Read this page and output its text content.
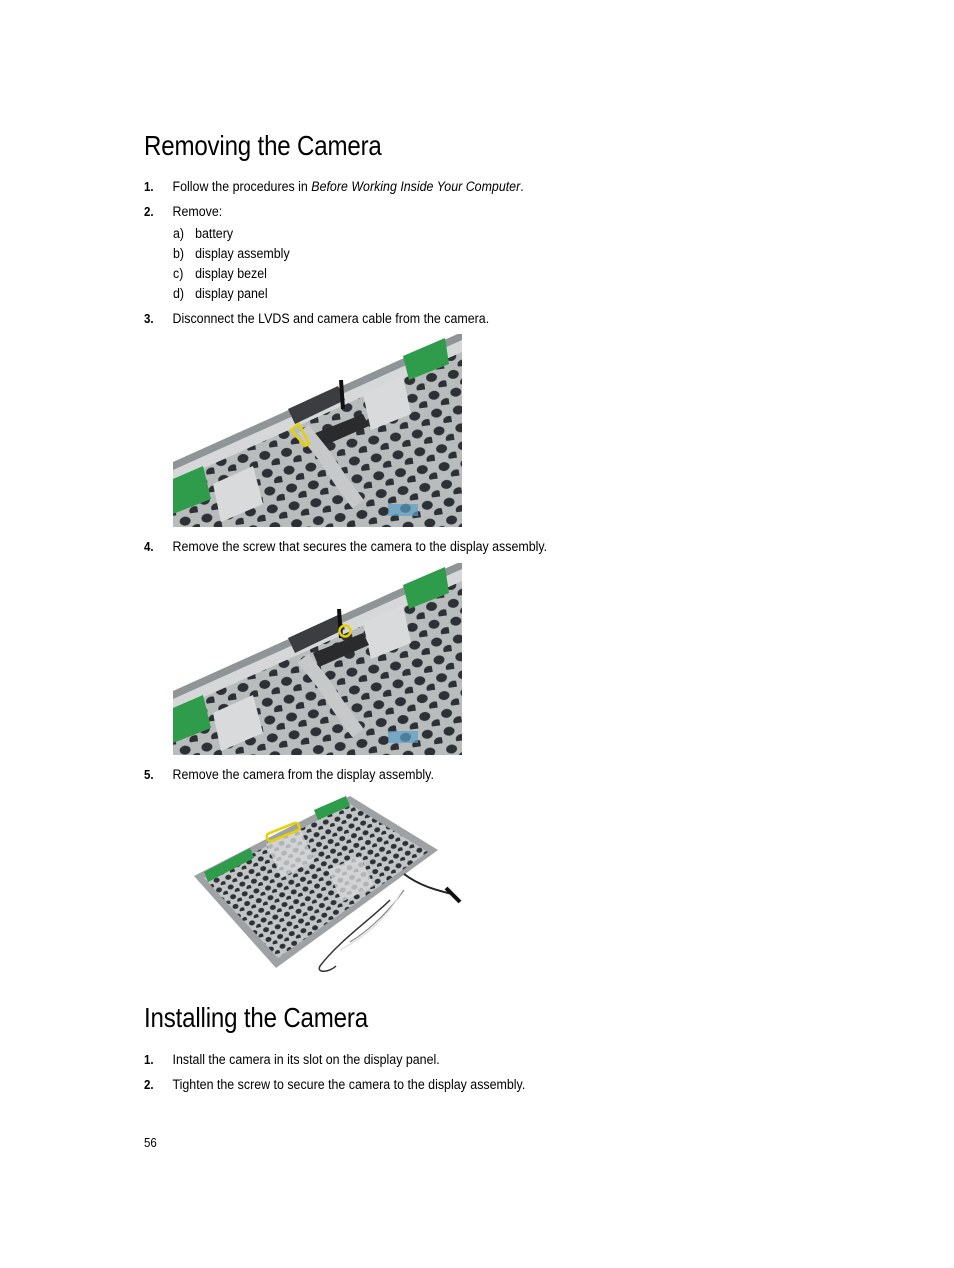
Removing the Camera
1. Follow the procedures in Before Working Inside Your Computer.
2. Remove:
a) battery
b) display assembly
c) display bezel
d) display panel
3. Disconnect the LVDS and camera cable from the camera.
4. Remove the screw that secures the camera to the display assembly.
5. Remove the camera from the display assembly.
Installing the Camera
1. Install the camera in its slot on the display panel.
2. Tighten the screw to secure the camera to the display assembly.
56
